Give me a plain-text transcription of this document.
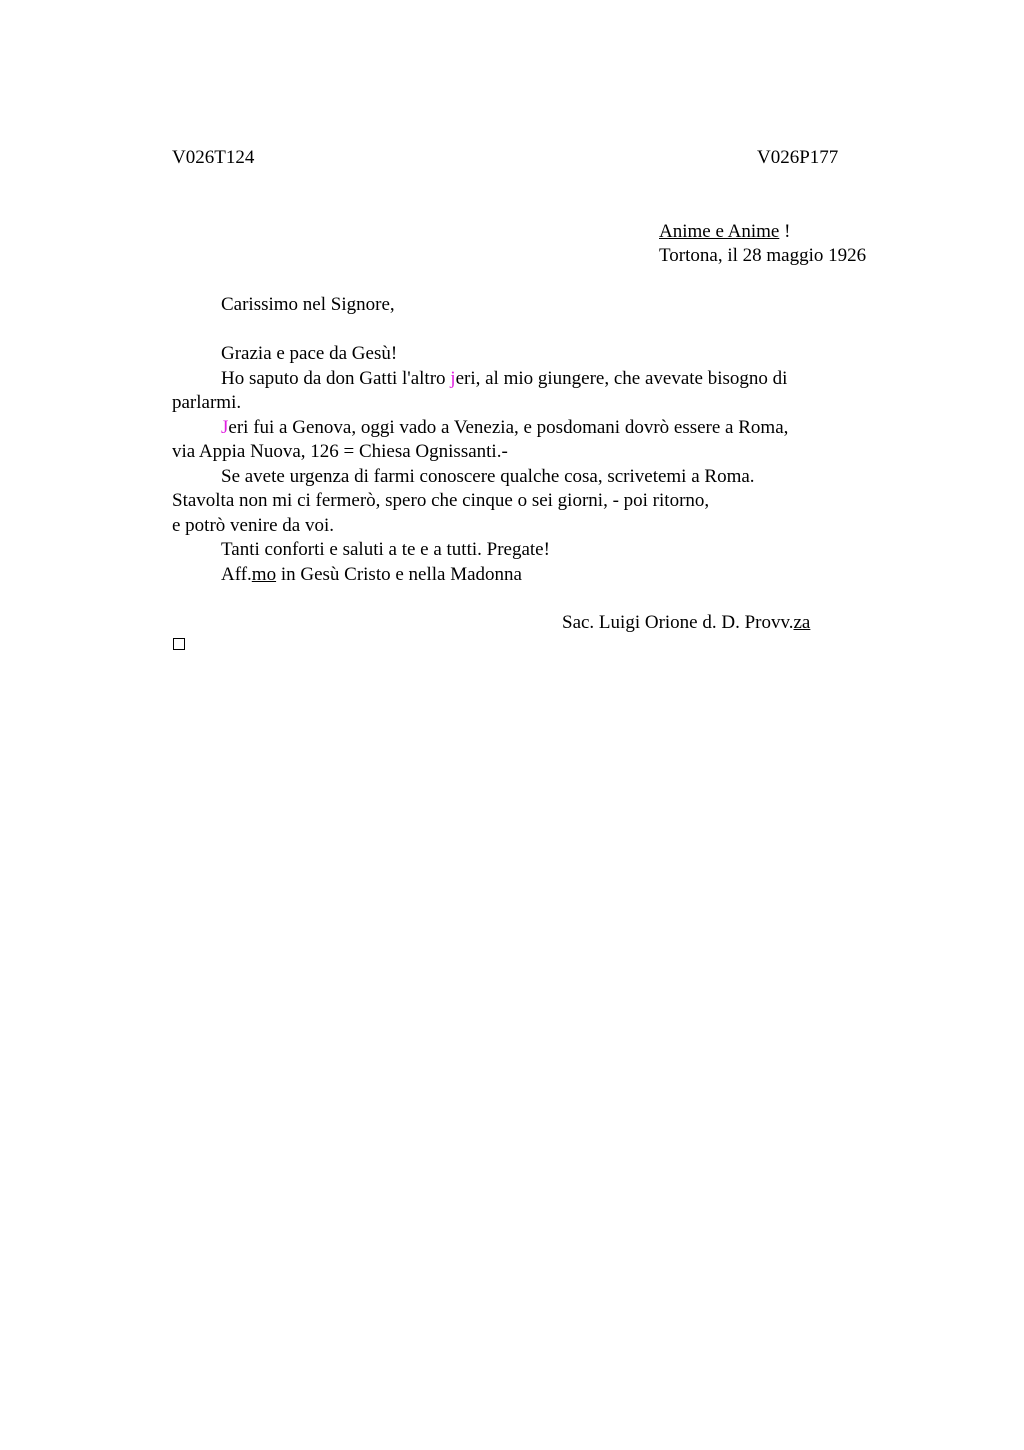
V026T124	V026P177
Anime e Anime !
Tortona, il 28 maggio 1926
Carissimo nel Signore,
Grazia e pace da Gesù!
Ho saputo da don Gatti l'altro jeri, al mio giungere, che avevate bisogno di
parlarmi.
Jeri fui a Genova, oggi vado a Venezia, e posdomani dovrò essere a Roma,
via Appia Nuova, 126 = Chiesa Ognissanti.-
Se avete urgenza di farmi conoscere qualche cosa, scrivetemi a Roma.
Stavolta non mi ci fermerò, spero che cinque o sei giorni, - poi ritorno,
e potrò venire da voi.
Tanti conforti e saluti a te e a tutti. Pregate!
Aff.mo in Gesù Cristo e nella Madonna
Sac. Luigi Orione d. D. Provv.za
